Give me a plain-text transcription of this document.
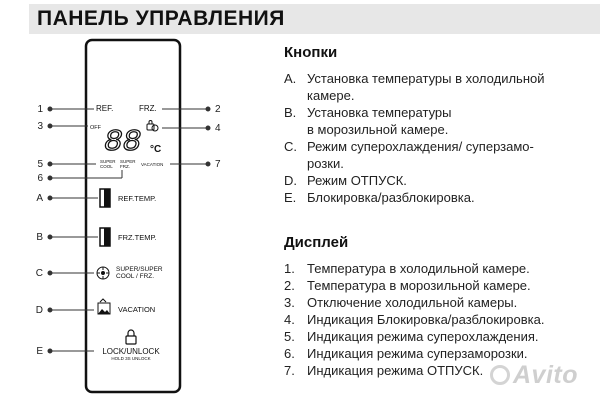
ПАНЕЛЬ УПРАВЛЕНИЯ
1
3
5
6
2
4
7
A
B
C
D
E
REF.	FRZ.
OFF 88 °C
SUPER
COOL
SUPER
FRZ. VACATION
REF.TEMP.
FRZ.TEMP.
SUPER/SUPER
COOL / FRZ.
VACATION
LOCK/UNLOCK
HOLD 3S UNLOCK
Кнопки
A. Установка температуры в холодильной
камере.
B. Установка температуры
в морозильной камере.
C. Режим суперохлаждения/ суперзамо-
розки.
D. Режим ОТПУСК.
E. Блокировка/разблокировка.
Дисплей
1. Температура в холодильной камере.
2. Температура в морозильной камере.
3. Отключение холодильной камеры.
4. Индикация Блокировка/разблокировка.
5. Индикация режима суперохлаждения.
6. Индикация режима суперзаморозки.
7. Индикация режима ОТПУСК.	Avito
